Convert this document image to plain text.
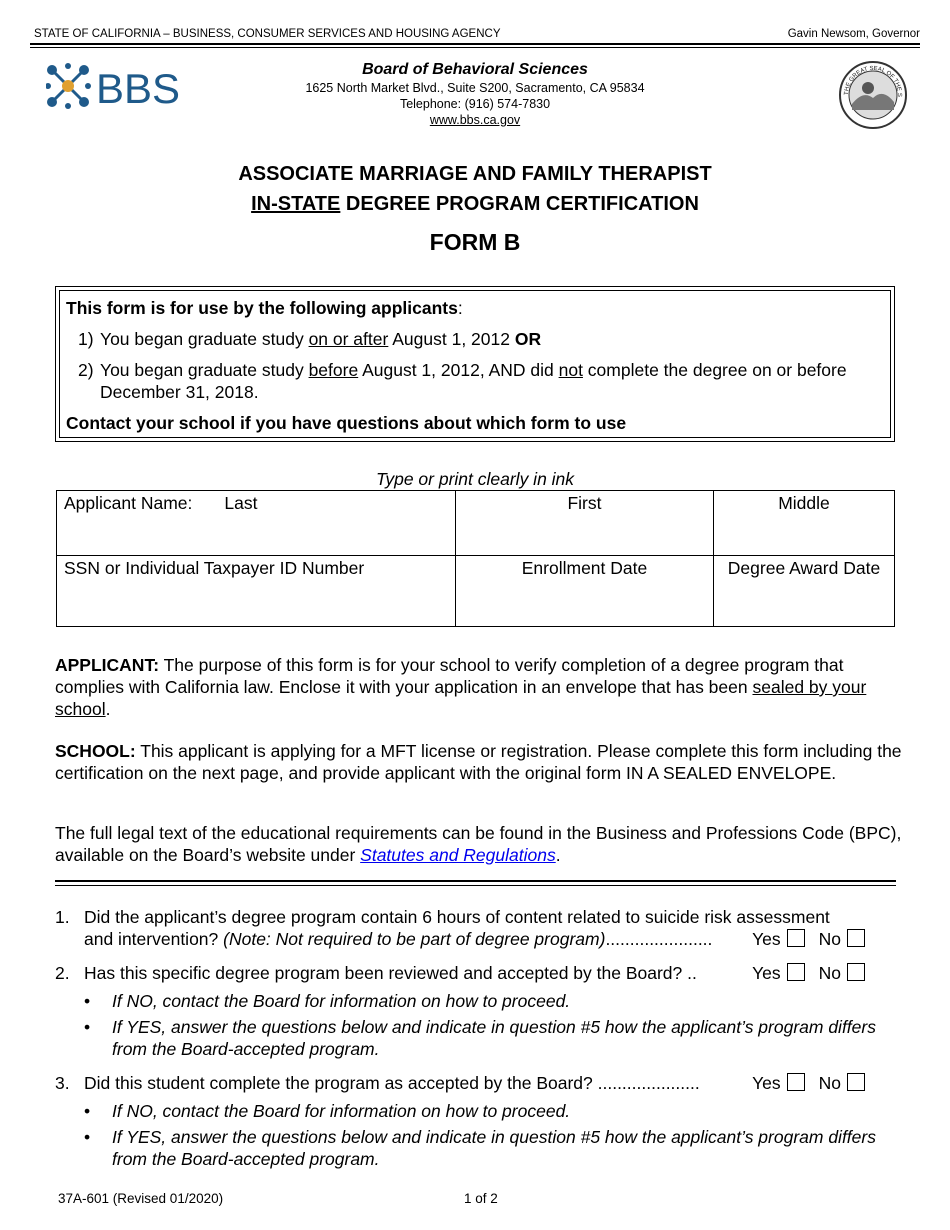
STATE OF CALIFORNIA – BUSINESS, CONSUMER SERVICES AND HOUSING AGENCY	Gavin Newsom, Governor
BBS	Board of Behavioral Sciences
1625 North Market Blvd., Suite S200, Sacramento, CA 95834
Telephone: (916) 574-7830
www.bbs.ca.gov
THE GREAT SEAL OF THE S
ASSOCIATE MARRIAGE AND FAMILY THERAPIST
IN-STATE DEGREE PROGRAM CERTIFICATION
FORM B
This form is for use by the following applicants:
1) You began graduate study on or after August 1, 2012 OR
2) You began graduate study before August 1, 2012, AND did not complete the degree on or before December 31, 2018.
Contact your school if you have questions about which form to use
Type or print clearly in ink
Applicant Name: Last	First	Middle
SSN or Individual Taxpayer ID Number	Enrollment Date	Degree Award Date
APPLICANT: The purpose of this form is for your school to verify completion of a degree program that complies with California law. Enclose it with your application in an envelope that has been sealed by your school.
SCHOOL: This applicant is applying for a MFT license or registration. Please complete this form including the certification on the next page, and provide applicant with the original form IN A SEALED ENVELOPE.
The full legal text of the educational requirements can be found in the Business and Professions Code (BPC), available on the Board’s website under Statutes and Regulations.
1. Did the applicant’s degree program contain 6 hours of content related to suicide risk assessment
and intervention? (Note: Not required to be part of degree program)......................	Yes No
2. Has this specific degree program been reviewed and accepted by the Board? ..	Yes No
• If NO, contact the Board for information on how to proceed.
• If YES, answer the questions below and indicate in question #5 how the applicant’s program differs from the Board-accepted program.
3. Did this student complete the program as accepted by the Board? .....................	Yes No
• If NO, contact the Board for information on how to proceed.
• If YES, answer the questions below and indicate in question #5 how the applicant’s program differs from the Board-accepted program.
37A-601 (Revised 01/2020)	1 of 2
